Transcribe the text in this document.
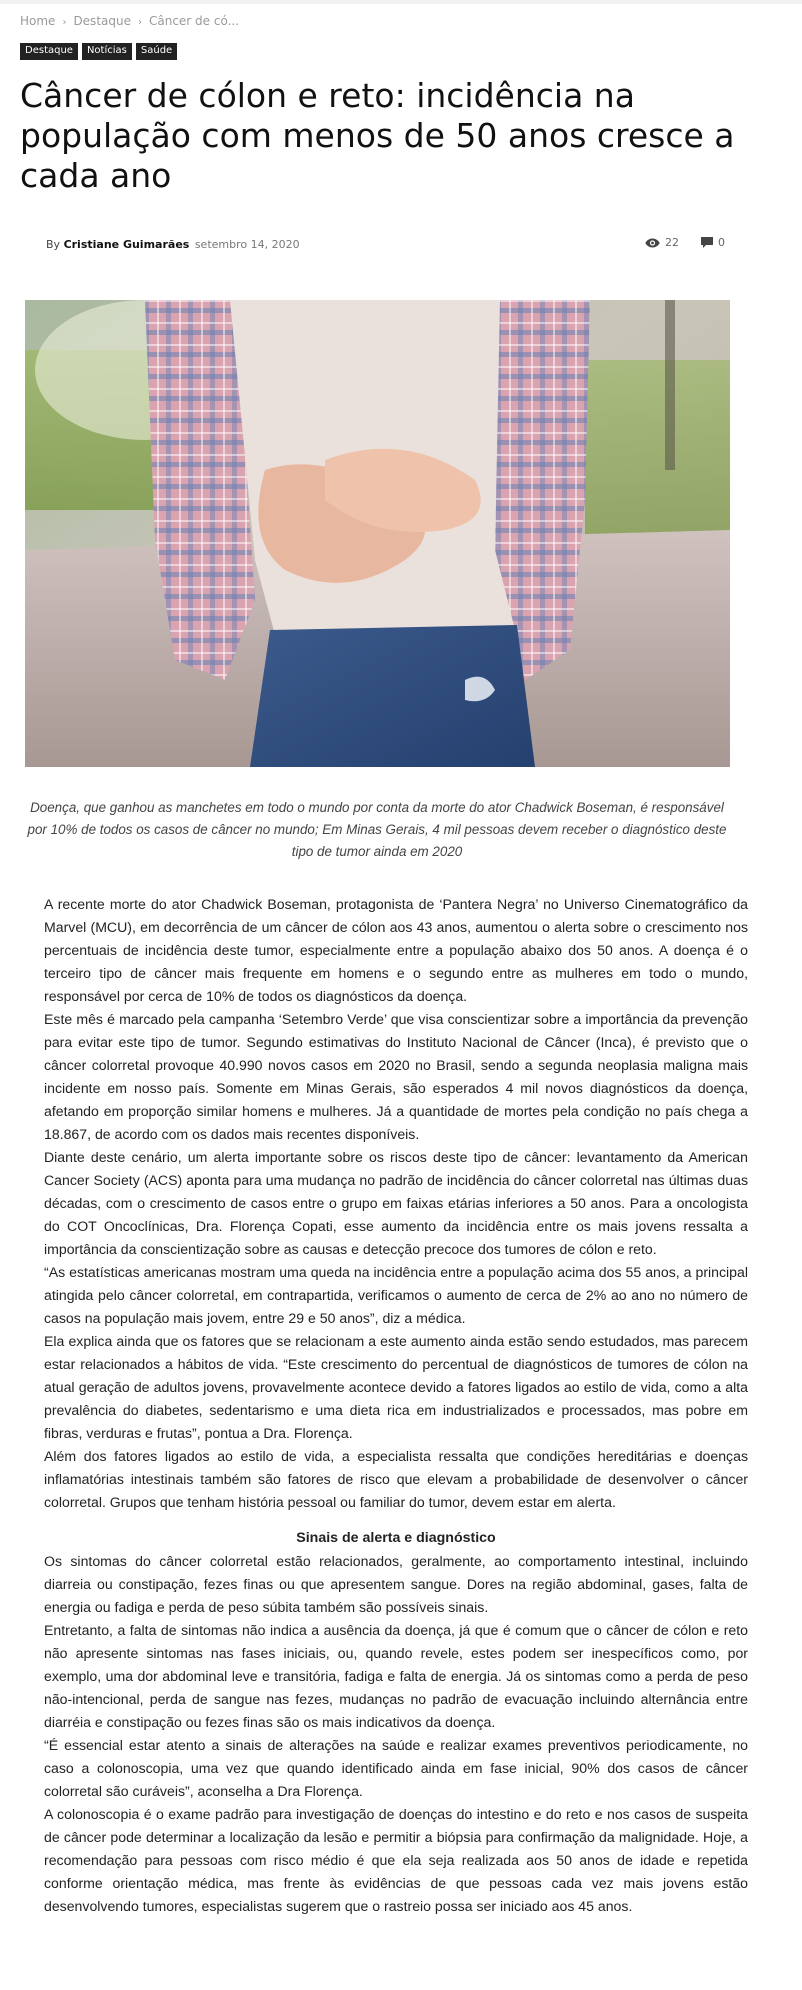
Home › Destaque › Câncer de có...
Destaque	Notícias	Saúde
Câncer de cólon e reto: incidência na população com menos de 50 anos cresce a cada ano
By Cristiane Guimarães setembro 14, 2020	22	0

Doença, que ganhou as manchetes em todo o mundo por conta da morte do ator Chadwick Boseman, é responsável por 10% de todos os casos de câncer no mundo; Em Minas Gerais, 4 mil pessoas devem receber o diagnóstico deste tipo de tumor ainda em 2020

A recente morte do ator Chadwick Boseman, protagonista de ‘Pantera Negra’ no Universo Cinematográfico da Marvel (MCU), em decorrência de um câncer de cólon aos 43 anos, aumentou o alerta sobre o crescimento nos percentuais de incidência deste tumor, especialmente entre a população abaixo dos 50 anos. A doença é o terceiro tipo de câncer mais frequente em homens e o segundo entre as mulheres em todo o mundo, responsável por cerca de 10% de todos os diagnósticos da doença.

Este mês é marcado pela campanha ‘Setembro Verde’ que visa conscientizar sobre a importância da prevenção para evitar este tipo de tumor. Segundo estimativas do Instituto Nacional de Câncer (Inca), é previsto que o câncer colorretal provoque 40.990 novos casos em 2020 no Brasil, sendo a segunda neoplasia maligna mais incidente em nosso país. Somente em Minas Gerais, são esperados 4 mil novos diagnósticos da doença, afetando em proporção similar homens e mulheres. Já a quantidade de mortes pela condição no país chega a 18.867, de acordo com os dados mais recentes disponíveis.

Diante deste cenário, um alerta importante sobre os riscos deste tipo de câncer: levantamento da American Cancer Society (ACS) aponta para uma mudança no padrão de incidência do câncer colorretal nas últimas duas décadas, com o crescimento de casos entre o grupo em faixas etárias inferiores a 50 anos. Para a oncologista do COT Oncoclínicas, Dra. Florença Copati, esse aumento da incidência entre os mais jovens ressalta a importância da conscientização sobre as causas e detecção precoce dos tumores de cólon e reto.

“As estatísticas americanas mostram uma queda na incidência entre a população acima dos 55 anos, a principal atingida pelo câncer colorretal, em contrapartida, verificamos o aumento de cerca de 2% ao ano no número de casos na população mais jovem, entre 29 e 50 anos”, diz a médica.

Ela explica ainda que os fatores que se relacionam a este aumento ainda estão sendo estudados, mas parecem estar relacionados a hábitos de vida. “Este crescimento do percentual de diagnósticos de tumores de cólon na atual geração de adultos jovens, provavelmente acontece devido a fatores ligados ao estilo de vida, como a alta prevalência do diabetes, sedentarismo e uma dieta rica em industrializados e processados, mas pobre em fibras, verduras e frutas”, pontua a Dra. Florença.

Além dos fatores ligados ao estilo de vida, a especialista ressalta que condições hereditárias e doenças inflamatórias intestinais também são fatores de risco que elevam a probabilidade de desenvolver o câncer colorretal. Grupos que tenham história pessoal ou familiar do tumor, devem estar em alerta.

Sinais de alerta e diagnóstico

Os sintomas do câncer colorretal estão relacionados, geralmente, ao comportamento intestinal, incluindo diarreia ou constipação, fezes finas ou que apresentem sangue. Dores na região abdominal, gases, falta de energia ou fadiga e perda de peso súbita também são possíveis sinais.

Entretanto, a falta de sintomas não indica a ausência da doença, já que é comum que o câncer de cólon e reto não apresente sintomas nas fases iniciais, ou, quando revele, estes podem ser inespecíficos como, por exemplo, uma dor abdominal leve e transitória, fadiga e falta de energia. Já os sintomas como a perda de peso não-intencional, perda de sangue nas fezes, mudanças no padrão de evacuação incluindo alternância entre diarréia e constipação ou fezes finas são os mais indicativos da doença.

“É essencial estar atento a sinais de alterações na saúde e realizar exames preventivos periodicamente, no caso a colonoscopia, uma vez que quando identificado ainda em fase inicial, 90% dos casos de câncer colorretal são curáveis”, aconselha a Dra Florença.

A colonoscopia é o exame padrão para investigação de doenças do intestino e do reto e nos casos de suspeita de câncer pode determinar a localização da lesão e permitir a biópsia para confirmação da malignidade. Hoje, a recomendação para pessoas com risco médio é que ela seja realizada aos 50 anos de idade e repetida conforme orientação médica, mas frente às evidências de que pessoas cada vez mais jovens estão desenvolvendo tumores, especialistas sugerem que o rastreio possa ser iniciado aos 45 anos.
